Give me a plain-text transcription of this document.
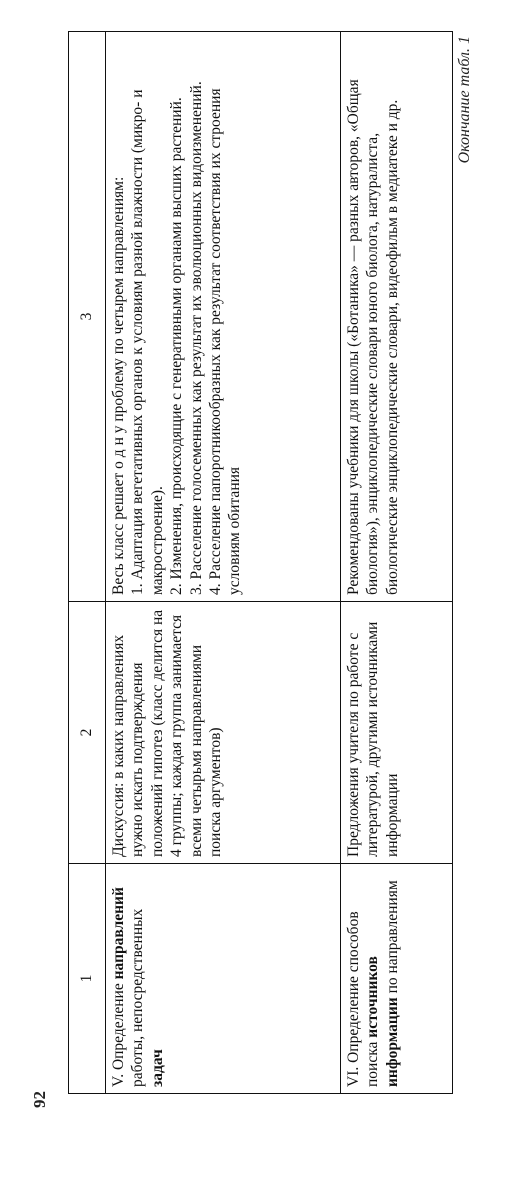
92
Окончание табл. 1
1	2	3
V. Определение направлений работы, непосредственных задач	Дискуссия: в каких направлениях нужно искать подтверждения положений гипотез (класс делится на 4 группы; каждая группа занимается всеми четырьмя направлениями поиска аргументов)	Весь класс решает о д н у проблему по четырем направлениям: 1. Адаптация вегетативных органов к условиям разной влажности (микро- и макростроение). 2. Изменения, происходящие с генеративными органами высших растений. 3. Расселение голосеменных как результат их эволюционных видоизменений. 4. Расселение папоротникообразных как результат соответствия их строения условиям обитания

VI. Определение способов поиска источников информации по направлениям	Предложения учителя по работе с литературой, другими источниками информации	Рекомендованы учебники для школы («Ботаника» — разных авторов, «Общая биология»), энциклопедические словари юного биолога, натуралиста, биологические энциклопедические словари, видеофильм в медиатеке и др.
